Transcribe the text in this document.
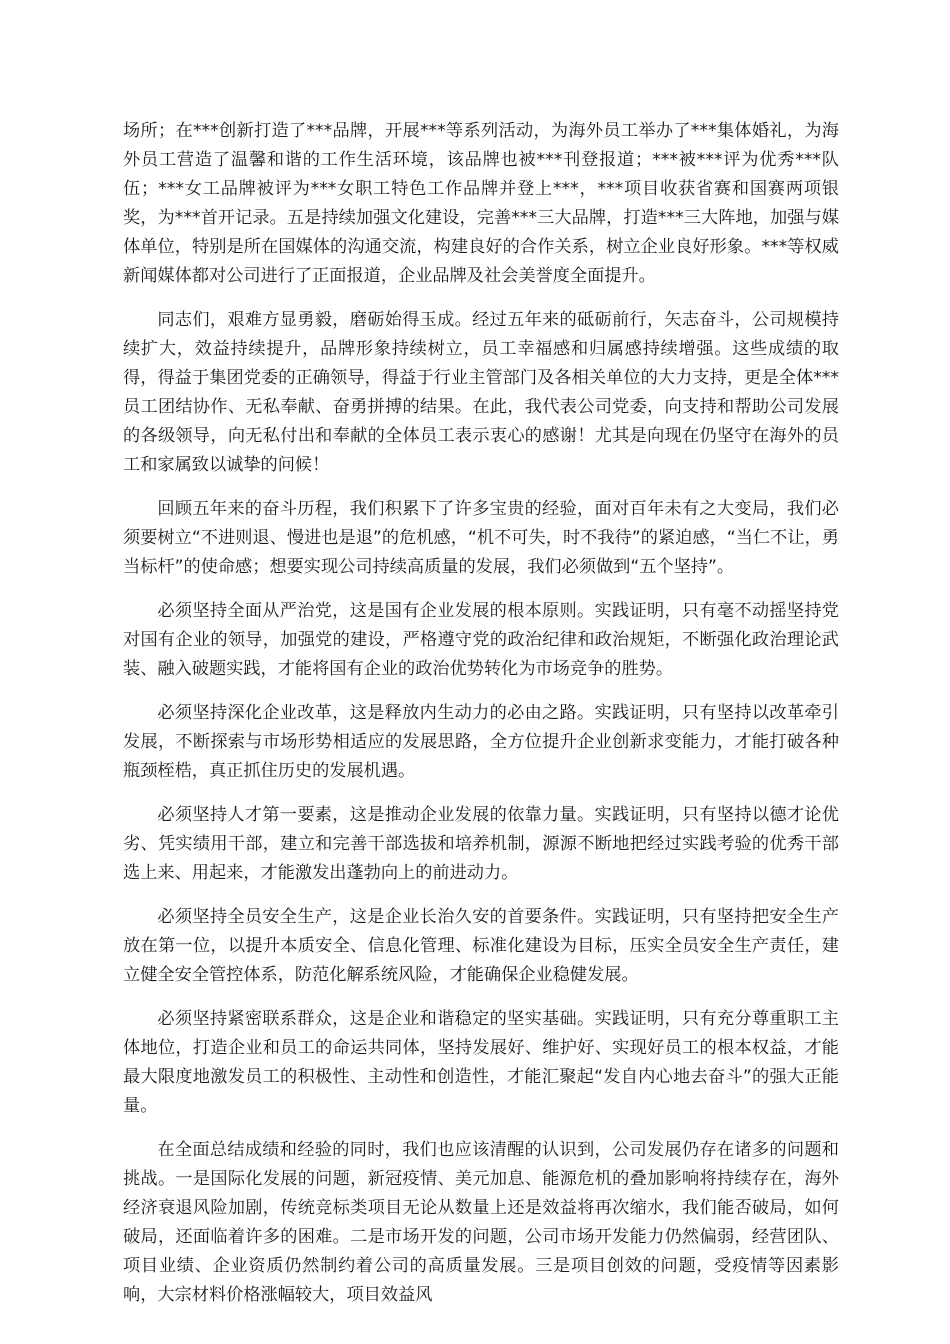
场所；在***创新打造了***品牌，开展***等系列活动，为海外员工举办了***集体婚礼，为海外员工营造了温馨和谐的工作生活环境，该品牌也被***刊登报道；***被***评为优秀***队伍；***女工品牌被评为***女职工特色工作品牌并登上***，***项目收获省赛和国赛两项银奖，为***首开记录。五是持续加强文化建设，完善***三大品牌，打造***三大阵地，加强与媒体单位，特别是所在国媒体的沟通交流，构建良好的合作关系，树立企业良好形象。***等权威新闻媒体都对公司进行了正面报道，企业品牌及社会美誉度全面提升。

同志们，艰难方显勇毅，磨砺始得玉成。经过五年来的砥砺前行，矢志奋斗，公司规模持续扩大，效益持续提升，品牌形象持续树立，员工幸福感和归属感持续增强。这些成绩的取得，得益于集团党委的正确领导，得益于行业主管部门及各相关单位的大力支持，更是全体***员工团结协作、无私奉献、奋勇拼搏的结果。在此，我代表公司党委，向支持和帮助公司发展的各级领导，向无私付出和奉献的全体员工表示衷心的感谢！尤其是向现在仍坚守在海外的员工和家属致以诚挚的问候！

回顾五年来的奋斗历程，我们积累下了许多宝贵的经验，面对百年未有之大变局，我们必须要树立“不进则退、慢进也是退”的危机感，“机不可失，时不我待”的紧迫感，“当仁不让，勇当标杆”的使命感；想要实现公司持续高质量的发展，我们必须做到“五个坚持”。

必须坚持全面从严治党，这是国有企业发展的根本原则。实践证明，只有毫不动摇坚持党对国有企业的领导，加强党的建设，严格遵守党的政治纪律和政治规矩，不断强化政治理论武装、融入破题实践，才能将国有企业的政治优势转化为市场竞争的胜势。

必须坚持深化企业改革，这是释放内生动力的必由之路。实践证明，只有坚持以改革牵引发展，不断探索与市场形势相适应的发展思路，全方位提升企业创新求变能力，才能打破各种瓶颈桎梏，真正抓住历史的发展机遇。

必须坚持人才第一要素，这是推动企业发展的依靠力量。实践证明，只有坚持以德才论优劣、凭实绩用干部，建立和完善干部选拔和培养机制，源源不断地把经过实践考验的优秀干部选上来、用起来，才能激发出蓬勃向上的前进动力。

必须坚持全员安全生产，这是企业长治久安的首要条件。实践证明，只有坚持把安全生产放在第一位，以提升本质安全、信息化管理、标准化建设为目标，压实全员安全生产责任，建立健全安全管控体系，防范化解系统风险，才能确保企业稳健发展。

必须坚持紧密联系群众，这是企业和谐稳定的坚实基础。实践证明，只有充分尊重职工主体地位，打造企业和员工的命运共同体，坚持发展好、维护好、实现好员工的根本权益，才能最大限度地激发员工的积极性、主动性和创造性，才能汇聚起“发自内心地去奋斗”的强大正能量。

在全面总结成绩和经验的同时，我们也应该清醒的认识到，公司发展仍存在诸多的问题和挑战。一是国际化发展的问题，新冠疫情、美元加息、能源危机的叠加影响将持续存在，海外经济衰退风险加剧，传统竞标类项目无论从数量上还是效益将再次缩水，我们能否破局，如何破局，还面临着许多的困难。二是市场开发的问题，公司市场开发能力仍然偏弱，经营团队、项目业绩、企业资质仍然制约着公司的高质量发展。三是项目创效的问题，受疫情等因素影响，大宗材料价格涨幅较大，项目效益风
